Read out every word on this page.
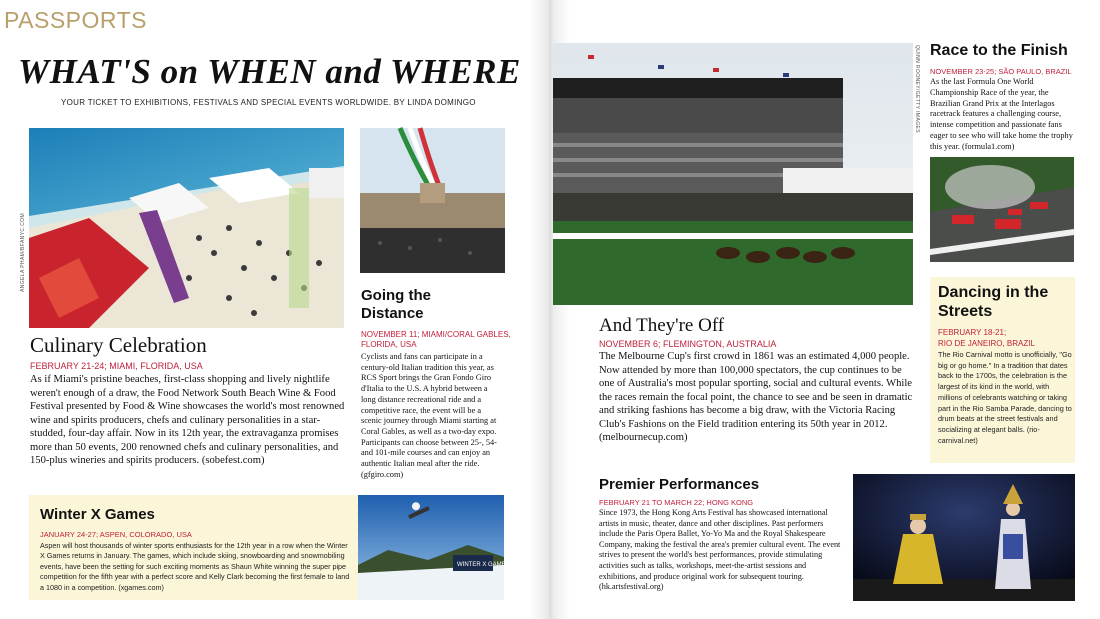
PASSPORTS
WHAT'S on WHEN and WHERE
YOUR TICKET TO EXHIBITIONS, FESTIVALS AND SPECIAL EVENTS WORLDWIDE. BY LINDA DOMINGO
ANGELA PHAM/BFANYC.COM
Culinary Celebration
FEBRUARY 21-24; MIAMI, FLORIDA, USA
As if Miami's pristine beaches, first-class shopping and lively nightlife weren't enough of a draw, the Food Network South Beach Wine & Food Festival presented by Food & Wine showcases the world's most renowned wine and spirits producers, chefs and culinary personalities in a star-studded, four-day affair. Now in its 12th year, the extravaganza promises more than 50 events, 200 renowned chefs and culinary personalities, and 150-plus wineries and spirits producers. (sobefest.com)
Going the
Distance
NOVEMBER 11; MIAMI/CORAL GABLES, FLORIDA, USA
Cyclists and fans can participate in a century-old Italian tradition this year, as RCS Sport brings the Gran Fondo Giro d'Italia to the U.S. A hybrid between a long distance recreational ride and a competitive race, the event will be a scenic journey through Miami starting at Coral Gables, as well as a two-day expo. Participants can choose between 25-, 54- and 101-mile courses and can enjoy an authentic Italian meal after the ride. (gfgiro.com)
Winter X Games
JANUARY 24-27; ASPEN, COLORADO, USA
Aspen will host thousands of winter sports enthusiasts for the 12th year in a row when the Winter X Games returns in January. The games, which include skiing, snowboarding and snowmobiling events, have been the setting for such exciting moments as Shaun White winning the super pipe competition for the fifth year with a perfect score and Kelly Clark becoming the first female to land a 1080 in a competition. (xgames.com)
WINTER X GAMES
QUINN ROONEY/GETTY IMAGES
And They're Off
NOVEMBER 6; FLEMINGTON, AUSTRALIA
The Melbourne Cup's first crowd in 1861 was an estimated 4,000 people. Now attended by more than 100,000 spectators, the cup continues to be one of Australia's most popular sporting, social and cultural events. While the races remain the focal point, the chance to see and be seen in dramatic and striking fashions has become a big draw, with the Victoria Racing Club's Fashions on the Field tradition entering its 50th year in 2012. (melbournecup.com)
Race to the Finish
NOVEMBER 23-25; SÃO PAULO, BRAZIL
As the last Formula One World Championship Race of the year, the Brazilian Grand Prix at the Interlagos racetrack features a challenging course, intense competition and passionate fans eager to see who will take home the trophy this year. (formula1.com)
Dancing in the
Streets
FEBRUARY 18-21;
RIO DE JANEIRO, BRAZIL
The Rio Carnival motto is unofficially, "Go big or go home." In a tradition that dates back to the 1700s, the celebration is the largest of its kind in the world, with millions of celebrants watching or taking part in the Rio Samba Parade, dancing to drum beats at the street festivals and socializing at elegant balls. (rio-carnival.net)
Premier Performances
FEBRUARY 21 TO MARCH 22; HONG KONG
Since 1973, the Hong Kong Arts Festival has showcased international artists in music, theater, dance and other disciplines. Past performers include the Paris Opera Ballet, Yo-Yo Ma and the Royal Shakespeare Company, making the festival the area's premier cultural event. The event strives to present the world's best performances, provide stimulating activities such as talks, workshops, meet-the-artist sessions and exhibitions, and produce original work for subsequent touring. (hk.artsfestival.org)
